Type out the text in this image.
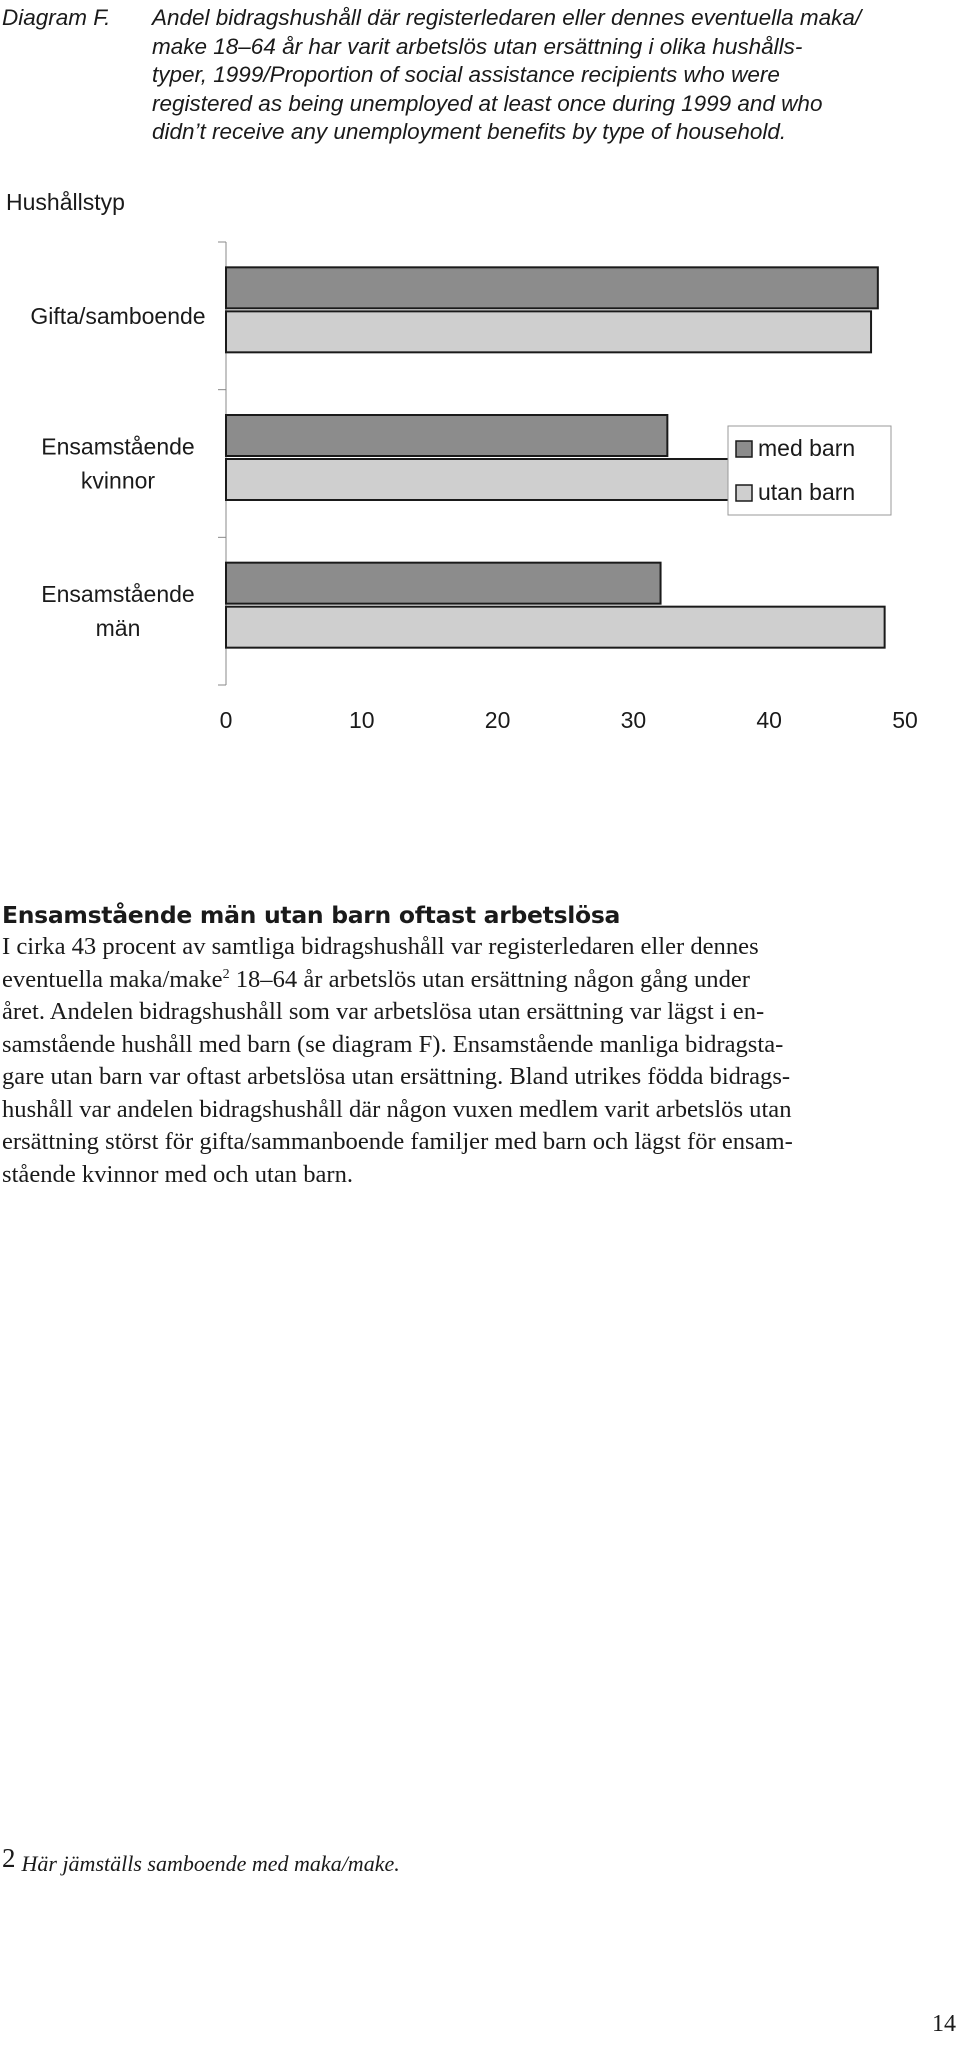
Diagram F. Andel bidragshushåll där registerledaren eller dennes eventuella maka/
make 18–64 år har varit arbetslös utan ersättning i olika hushålls-
typer, 1999/Proportion of social assistance recipients who were
registered as being unemployed at least once during 1999 and who
didn’t receive any unemployment benefits by type of household.
Hushållstyp
Gifta/samboende
Ensamstående kvinnor
Ensamstående män
0	10	20	30	40	50
med barn
utan barn
Ensamstående män utan barn oftast arbetslösa
I cirka 43 procent av samtliga bidragshushåll var registerledaren eller dennes
eventuella maka/make$^2$ 18–64 år arbetslös utan ersättning någon gång under
året. Andelen bidragshushåll som var arbetslösa utan ersättning var lägst i en-
samstående hushåll med barn (se diagram F). Ensamstående manliga bidragsta-
gare utan barn var oftast arbetslösa utan ersättning. Bland utrikes födda bidrags-
hushåll var andelen bidragshushåll där någon vuxen medlem varit arbetslös utan
ersättning störst för gifta/sammanboende familjer med barn och lägst för ensam-
stående kvinnor med och utan barn.
2 Här jämställs samboende med maka/make.
14
